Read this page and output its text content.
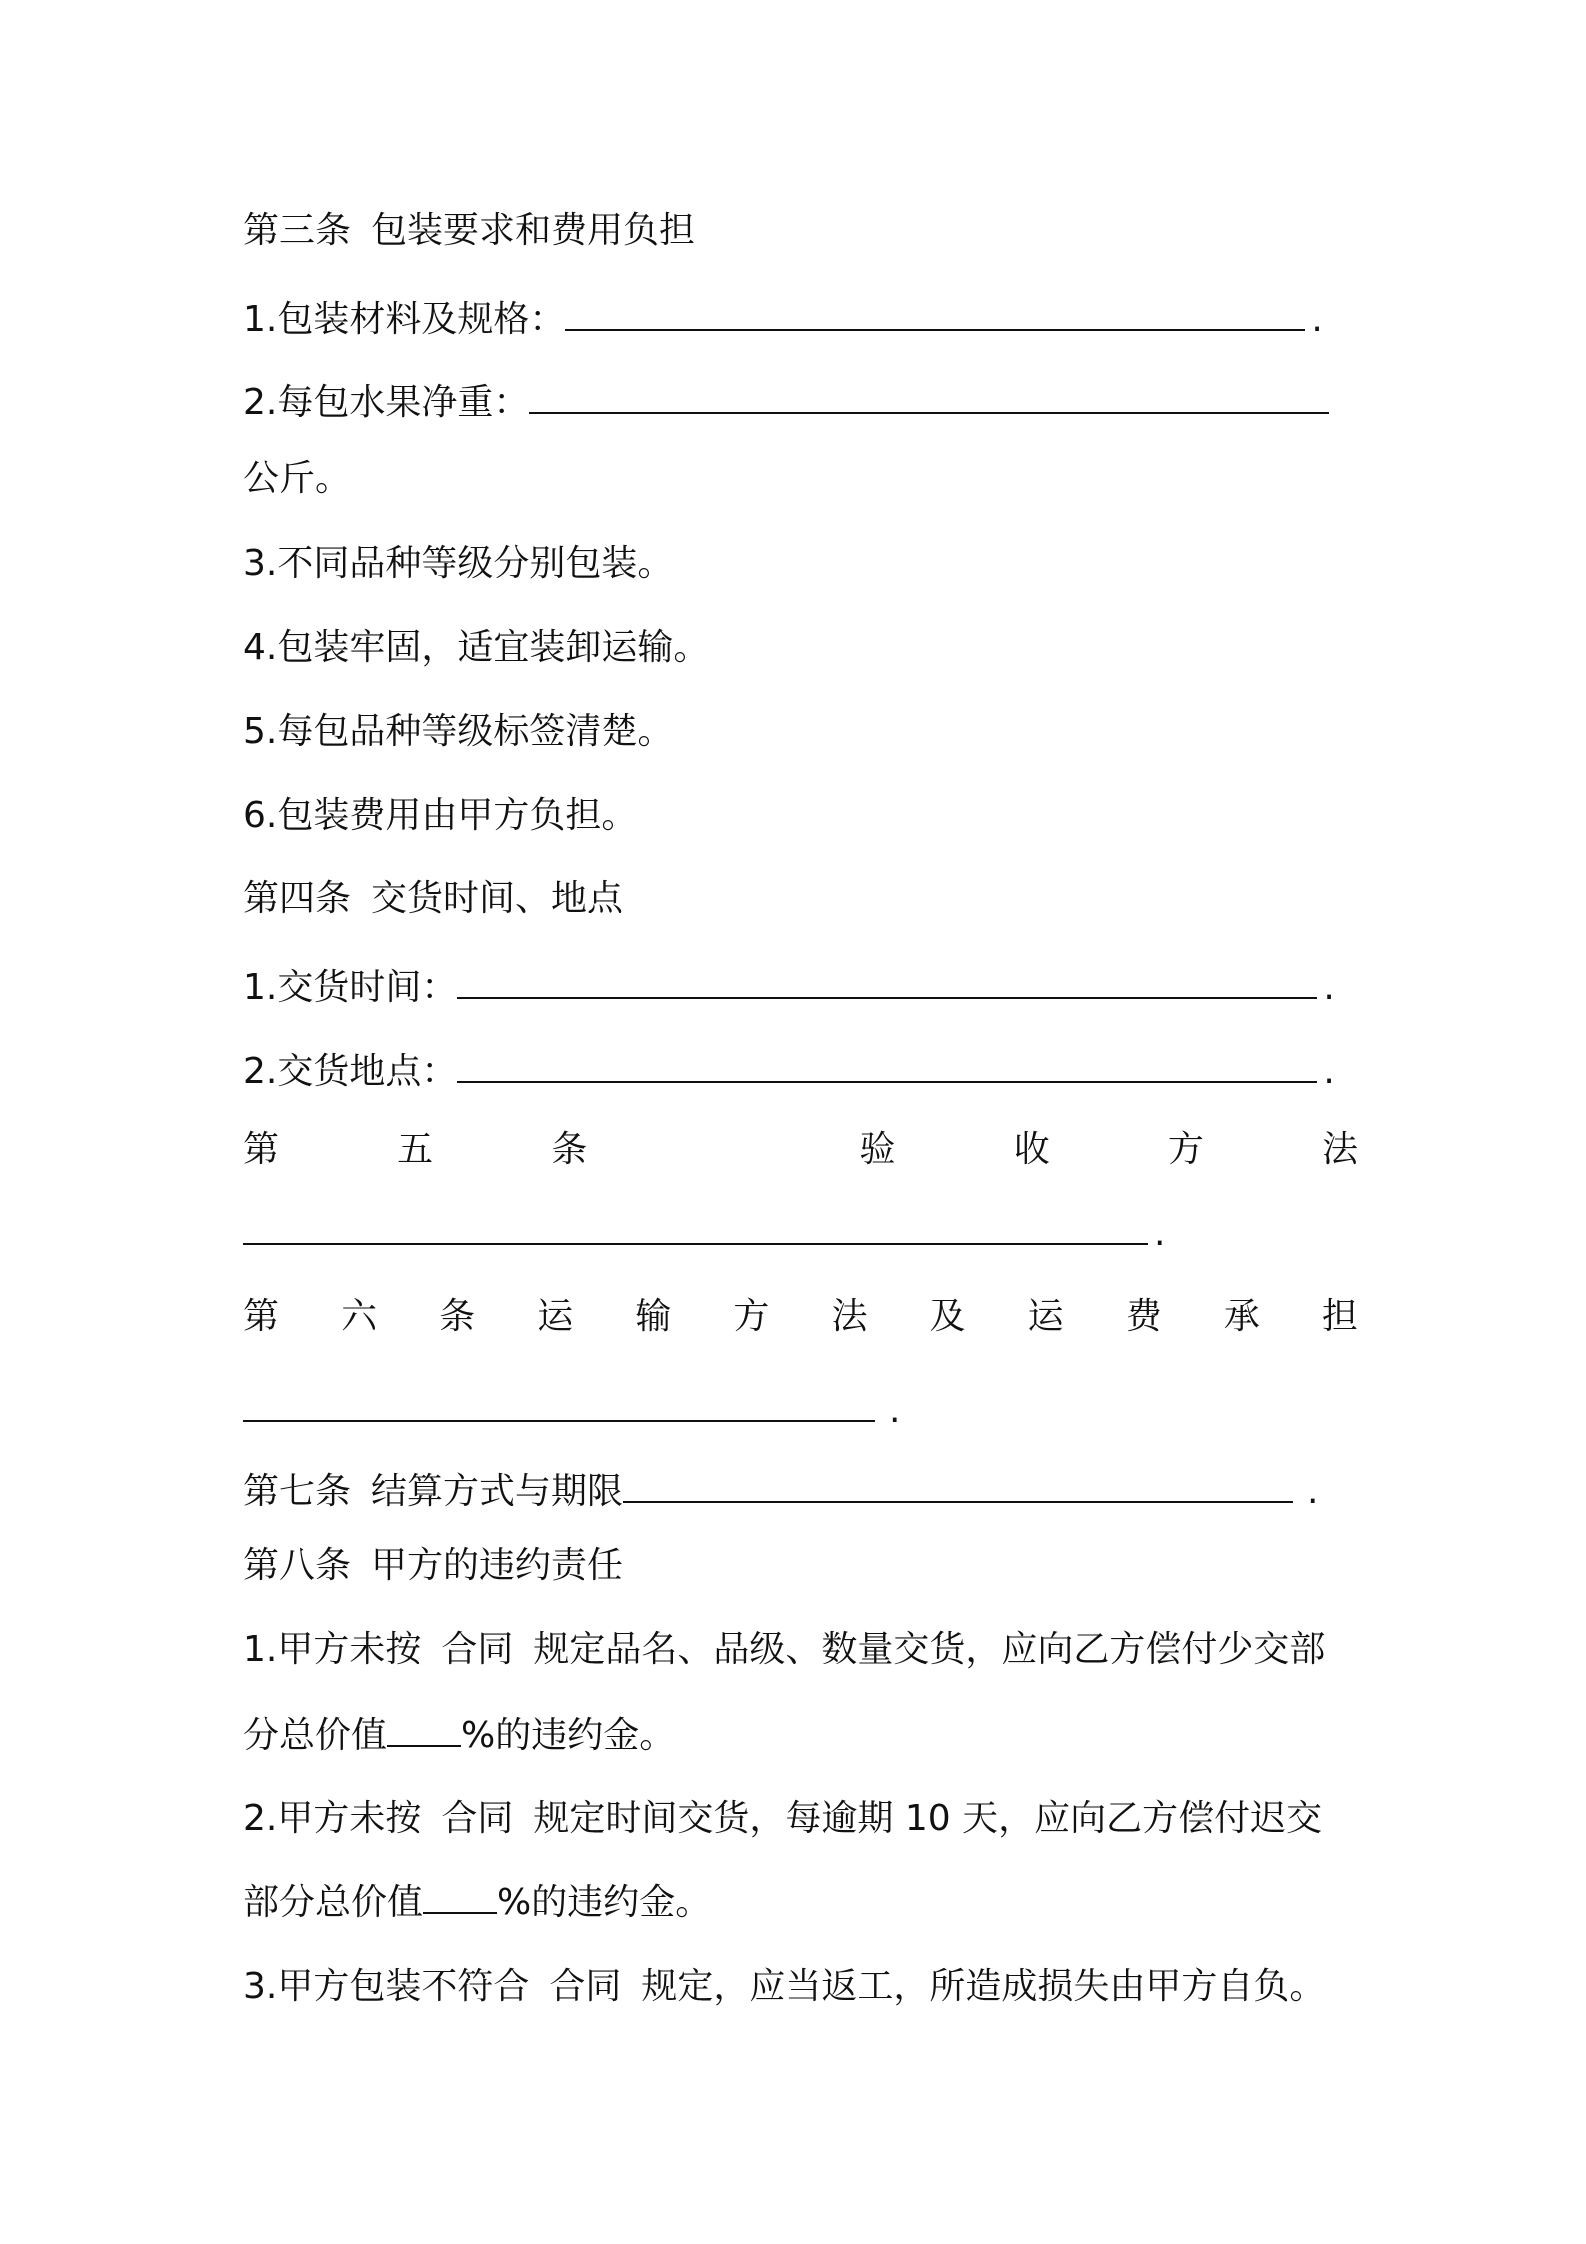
第三条 包装要求和费用负担
1.包装材料及规格：	.
2.每包水果净重：
公斤。
3.不同品种等级分别包装。
4.包装牢固，适宜装卸运输。
5.每包品种等级标签清楚。
6.包装费用由甲方负担。
第四条 交货时间、地点
1.交货时间：	.
2.交货地点：	.
第	五	条	验	收	方	法
.
第 六 条 运 输 方 法 及 运 费 承 担
.
第七条 结算方式与期限	.
第八条 甲方的违约责任
1.甲方未按 合同 规定品名、品级、数量交货，应向乙方偿付少交部
分总价值 %的违约金。
2.甲方未按 合同 规定时间交货，每逾期 10 天，应向乙方偿付迟交
部分总价值 %的违约金。
3.甲方包装不符合 合同 规定，应当返工，所造成损失由甲方自负。
